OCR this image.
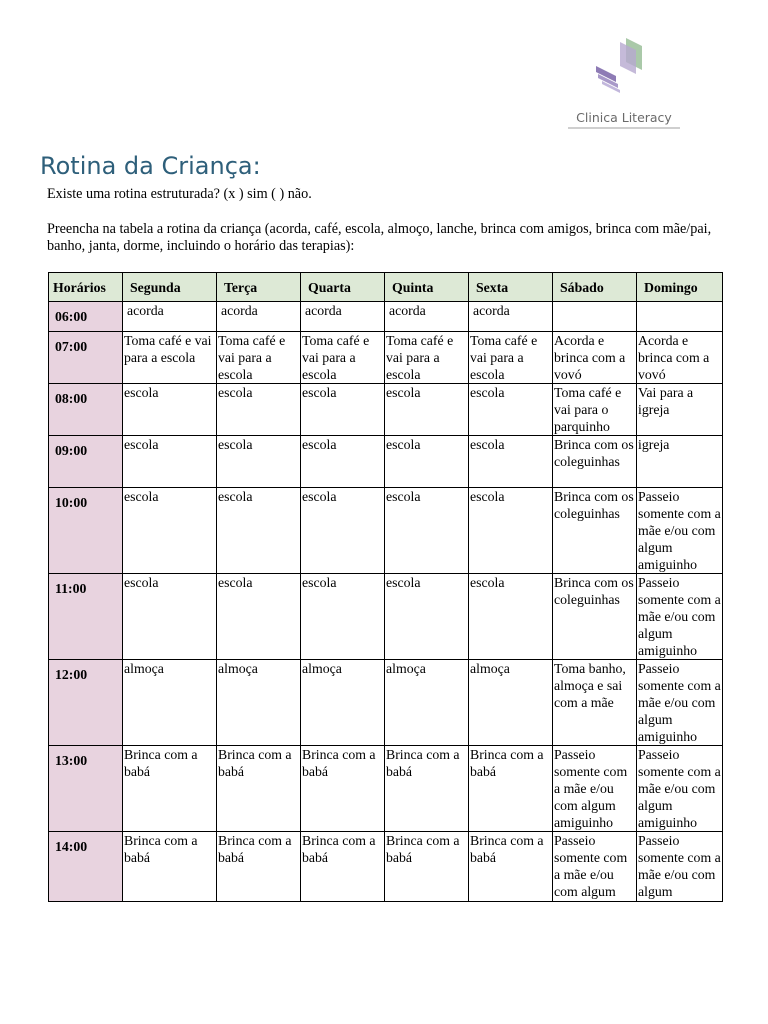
Clinica Literacy
Rotina da Criança:
Existe uma rotina estruturada? (x ) sim ( ) não.
Preencha na tabela a rotina da criança (acorda, café, escola, almoço, lanche, brinca com amigos, brinca com mãe/pai, banho, janta, dorme, incluindo o horário das terapias):
Horários	Segunda	Terça	Quarta	Quinta	Sexta	Sábado	Domingo
06:00	acorda	acorda	acorda	acorda	acorda		
07:00	Toma café e vai para a escola	Toma café e vai para a escola	Toma café e vai para a escola	Toma café e vai para a escola	Toma café e vai para a escola	Acorda e brinca com a vovó	Acorda e brinca com a vovó
08:00	escola	escola	escola	escola	escola	Toma café e vai para o parquinho	Vai para a igreja
09:00	escola	escola	escola	escola	escola	Brinca com os coleguinhas	igreja
10:00	escola	escola	escola	escola	escola	Brinca com os coleguinhas	Passeio somente com a mãe e/ou com algum amiguinho
11:00	escola	escola	escola	escola	escola	Brinca com os coleguinhas	Passeio somente com a mãe e/ou com algum amiguinho
12:00	almoça	almoça	almoça	almoça	almoça	Toma banho, almoça e sai com a mãe	Passeio somente com a mãe e/ou com algum amiguinho
13:00	Brinca com a babá	Brinca com a babá	Brinca com a babá	Brinca com a babá	Brinca com a babá	Passeio somente com a mãe e/ou com algum amiguinho	Passeio somente com a mãe e/ou com algum amiguinho
14:00	Brinca com a babá	Brinca com a babá	Brinca com a babá	Brinca com a babá	Brinca com a babá	Passeio somente com a mãe e/ou com algum	Passeio somente com a mãe e/ou com algum
